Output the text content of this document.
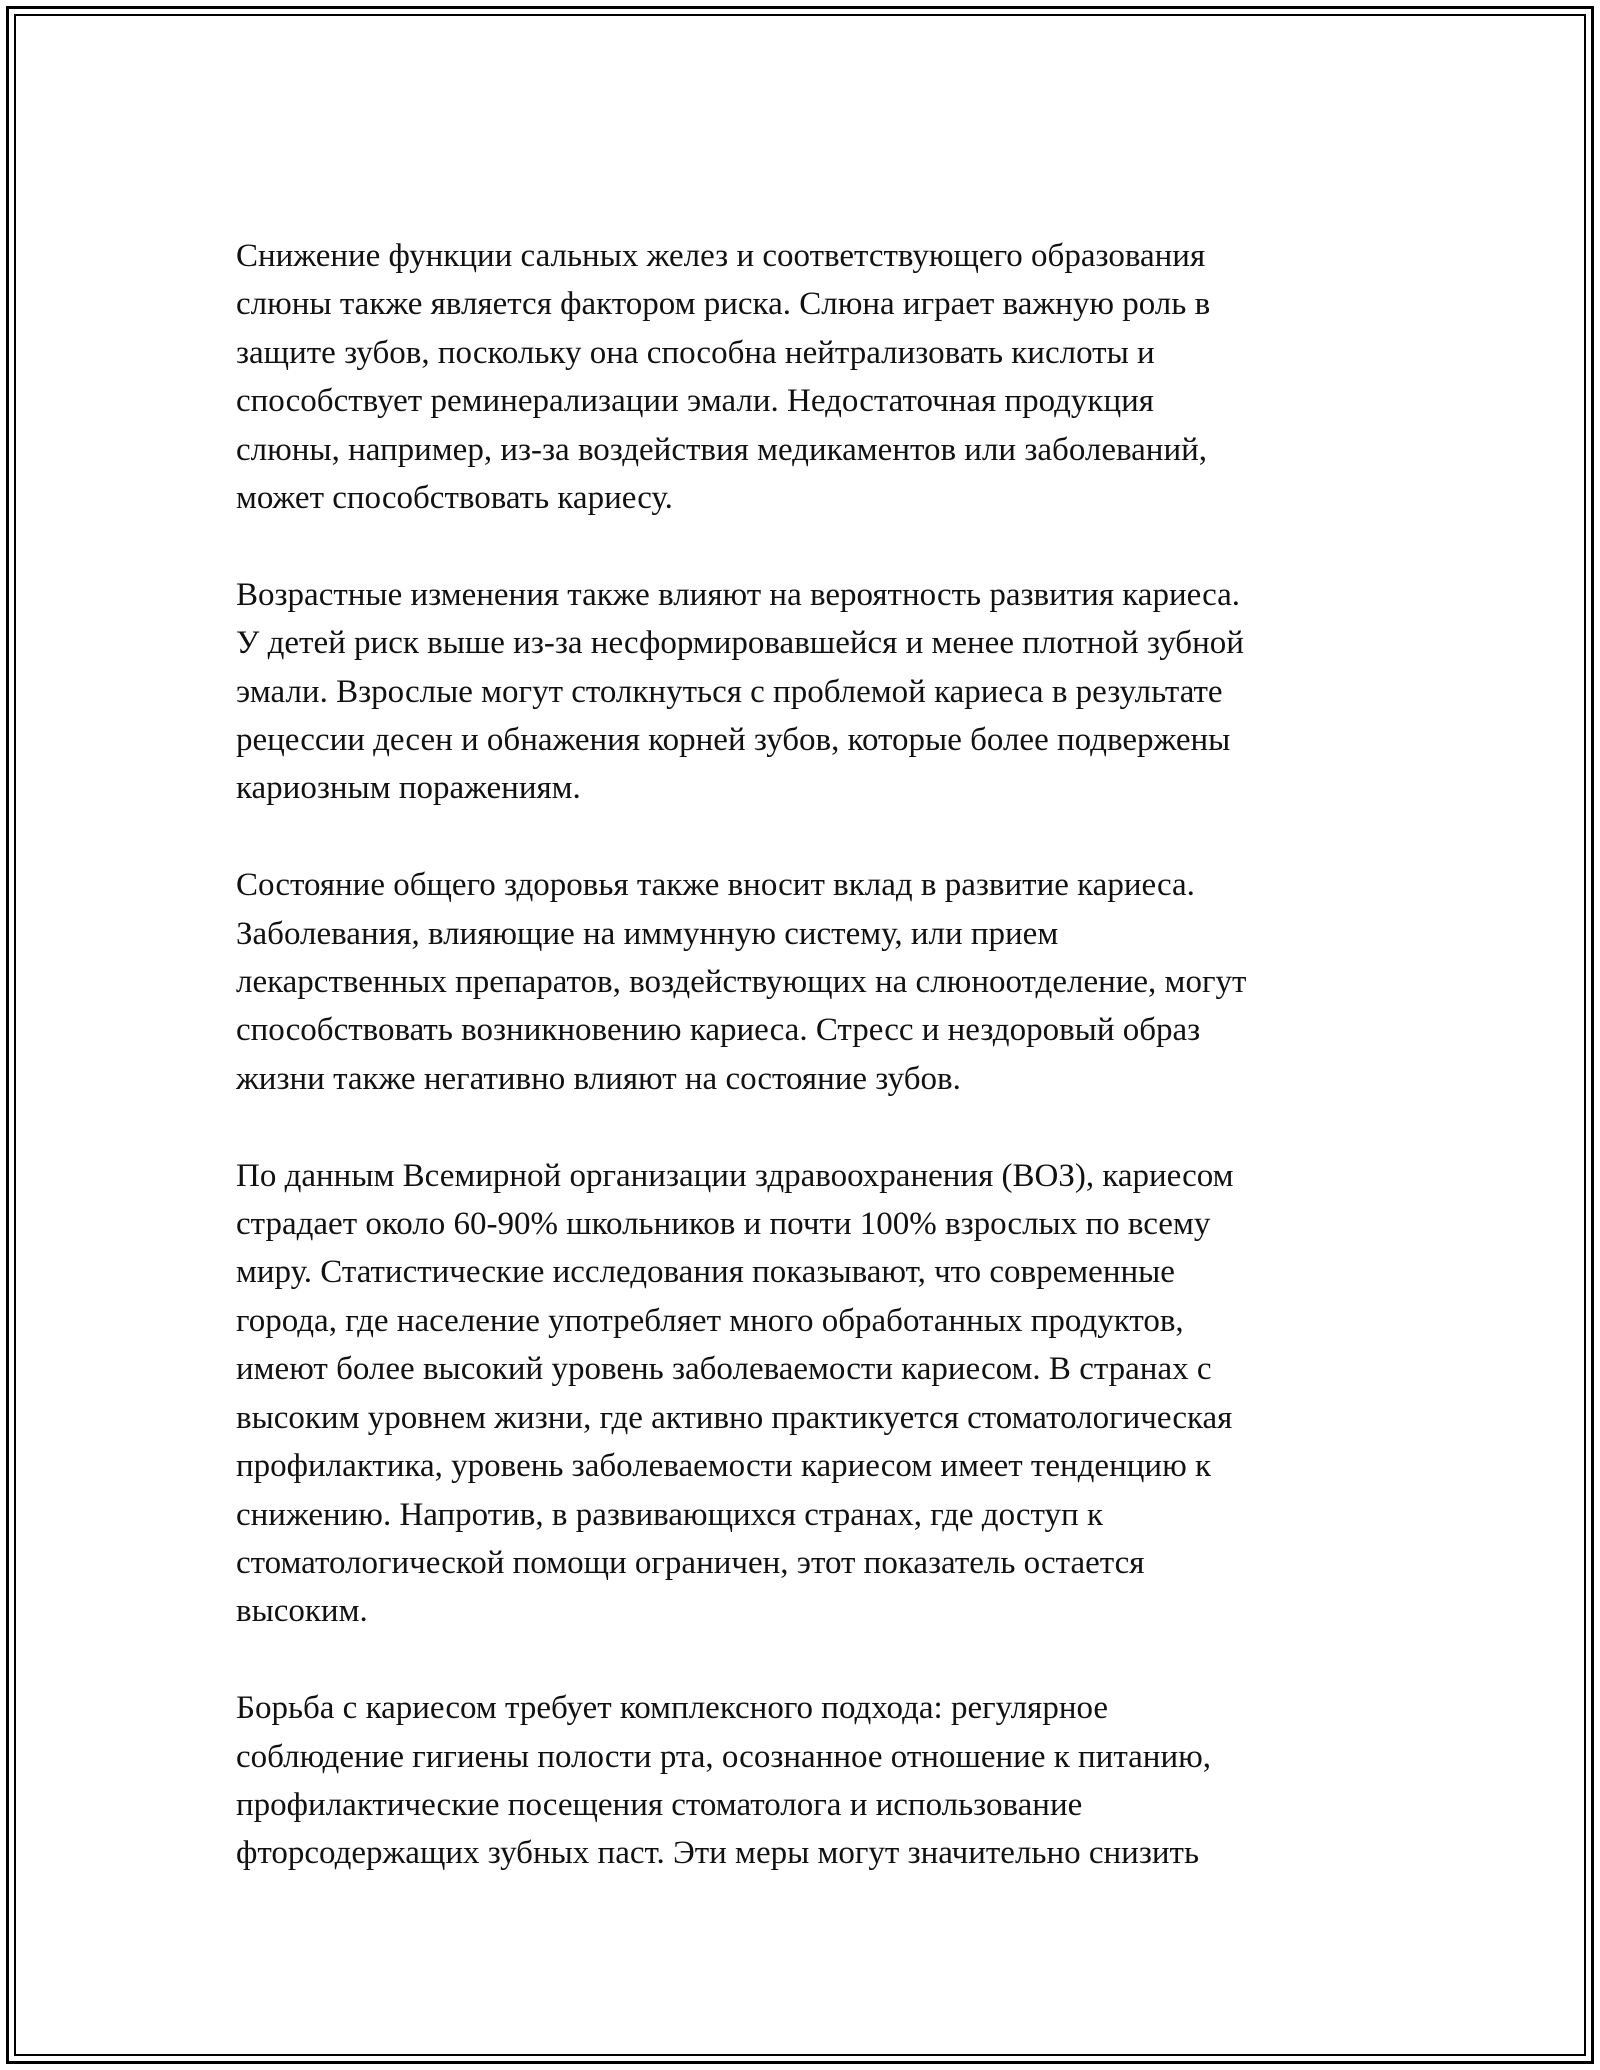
Снижение функции сальных желез и соответствующего образования
слюны также является фактором риска. Слюна играет важную роль в
защите зубов, поскольку она способна нейтрализовать кислоты и
способствует реминерализации эмали. Недостаточная продукция
слюны, например, из-за воздействия медикаментов или заболеваний,
может способствовать кариесу.
Возрастные изменения также влияют на вероятность развития кариеса.
У детей риск выше из-за несформировавшейся и менее плотной зубной
эмали. Взрослые могут столкнуться с проблемой кариеса в результате
рецессии десен и обнажения корней зубов, которые более подвержены
кариозным поражениям.
Состояние общего здоровья также вносит вклад в развитие кариеса.
Заболевания, влияющие на иммунную систему, или прием
лекарственных препаратов, воздействующих на слюноотделение, могут
способствовать возникновению кариеса. Стресс и нездоровый образ
жизни также негативно влияют на состояние зубов.
По данным Всемирной организации здравоохранения (ВОЗ), кариесом
страдает около 60-90% школьников и почти 100% взрослых по всему
миру. Статистические исследования показывают, что современные
города, где население употребляет много обработанных продуктов,
имеют более высокий уровень заболеваемости кариесом. В странах с
высоким уровнем жизни, где активно практикуется стоматологическая
профилактика, уровень заболеваемости кариесом имеет тенденцию к
снижению. Напротив, в развивающихся странах, где доступ к
стоматологической помощи ограничен, этот показатель остается
высоким.
Борьба с кариесом требует комплексного подхода: регулярное
соблюдение гигиены полости рта, осознанное отношение к питанию,
профилактические посещения стоматолога и использование
фторсодержащих зубных паст. Эти меры могут значительно снизить
